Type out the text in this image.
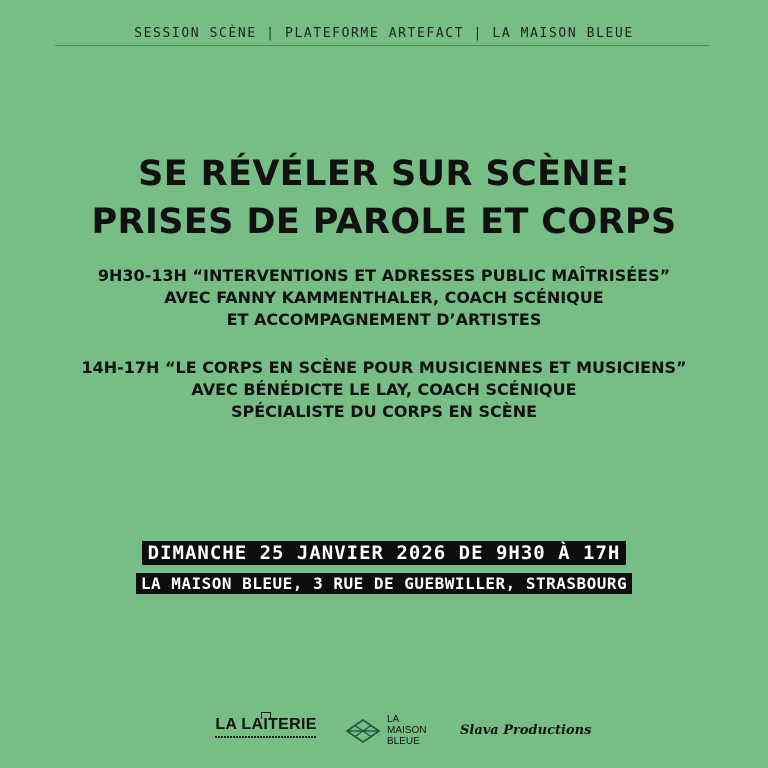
SESSION SCÈNE | PLATEFORME ARTEFACT | LA MAISON BLEUE
SE RÉVÉLER SUR SCÈNE:
PRISES DE PAROLE ET CORPS
9H30-13H “INTERVENTIONS ET ADRESSES PUBLIC MAÎTRISÉES”
AVEC FANNY KAMMENTHALER, COACH SCÉNIQUE
ET ACCOMPAGNEMENT D’ARTISTES
14H-17H “LE CORPS EN SCÈNE POUR MUSICIENNES ET MUSICIENS”
AVEC BÉNÉDICTE LE LAY, COACH SCÉNIQUE
SPÉCIALISTE DU CORPS EN SCÈNE
DIMANCHE 25 JANVIER 2026 DE 9H30 À 17H
LA MAISON BLEUE, 3 RUE DE GUEBWILLER, STRASBOURG
LA LAITERIE	LA
MAISON
BLEUE
Slava Productions
